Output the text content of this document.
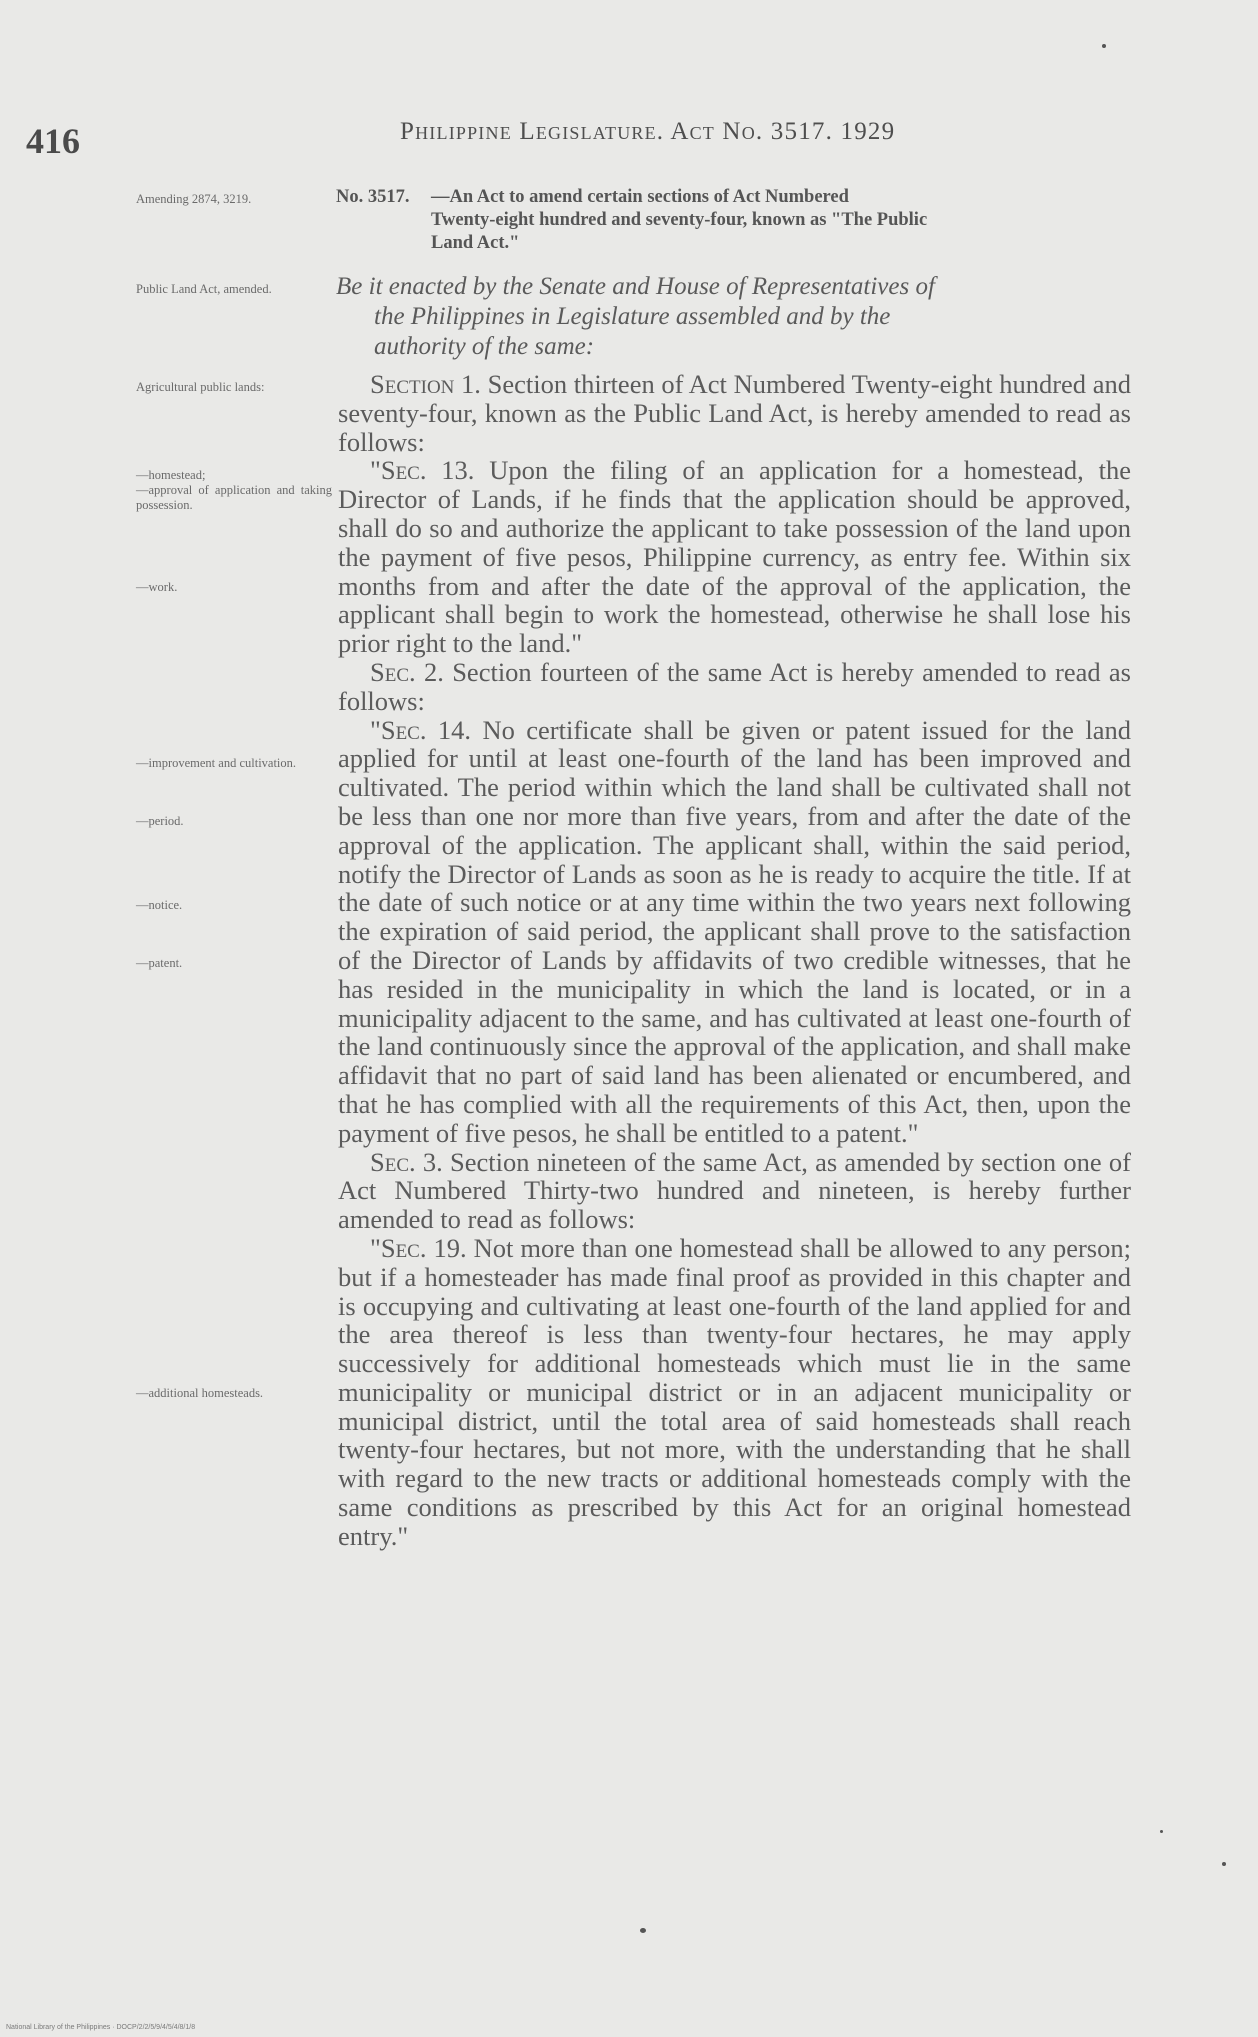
416	Philippine Legislature. Act No. 3517. 1929
Amending 2874, 3219.
Public Land Act, amended.
Agricultural public lands:
—homestead;
—approval of application and taking possession.
—work.
—improvement and cultivation.
—period.
—notice.
—patent.
—additional homesteads.
No. 3517. —An Act to amend certain sections of Act Numbered
Twenty-eight hundred and seventy-four, known as "The Public
Land Act."
Be it enacted by the Senate and House of Representatives of
the Philippines in Legislature assembled and by the
authority of the same:

Section 1. Section thirteen of Act Numbered Twenty-eight hundred and seventy-four, known as the Public Land Act, is hereby amended to read as follows:

"Sec. 13. Upon the filing of an application for a homestead, the Director of Lands, if he finds that the application should be approved, shall do so and authorize the applicant to take possession of the land upon the payment of five pesos, Philippine currency, as entry fee. Within six months from and after the date of the approval of the application, the applicant shall begin to work the homestead, otherwise he shall lose his prior right to the land."

Sec. 2. Section fourteen of the same Act is hereby amended to read as follows:

"Sec. 14. No certificate shall be given or patent issued for the land applied for until at least one-fourth of the land has been improved and cultivated. The period within which the land shall be cultivated shall not be less than one nor more than five years, from and after the date of the approval of the application. The applicant shall, within the said period, notify the Director of Lands as soon as he is ready to acquire the title. If at the date of such notice or at any time within the two years next following the expiration of said period, the applicant shall prove to the satisfaction of the Director of Lands by affidavits of two credible witnesses, that he has resided in the municipality in which the land is located, or in a municipality adjacent to the same, and has cultivated at least one-fourth of the land continuously since the approval of the application, and shall make affidavit that no part of said land has been alienated or encumbered, and that he has complied with all the requirements of this Act, then, upon the payment of five pesos, he shall be entitled to a patent."

Sec. 3. Section nineteen of the same Act, as amended by section one of Act Numbered Thirty-two hundred and nineteen, is hereby further amended to read as follows:

"Sec. 19. Not more than one homestead shall be allowed to any person; but if a homesteader has made final proof as provided in this chapter and is occupying and cultivating at least one-fourth of the land applied for and the area thereof is less than twenty-four hectares, he may apply successively for additional homesteads which must lie in the same municipality or municipal district or in an adjacent municipality or municipal district, until the total area of said homesteads shall reach twenty-four hectares, but not more, with the understanding that he shall with regard to the new tracts or additional homesteads comply with the same conditions as prescribed by this Act for an original homestead entry."

National Library of the Philippines · DOCP/2/2/5/9/4/5/4/8/1/8
